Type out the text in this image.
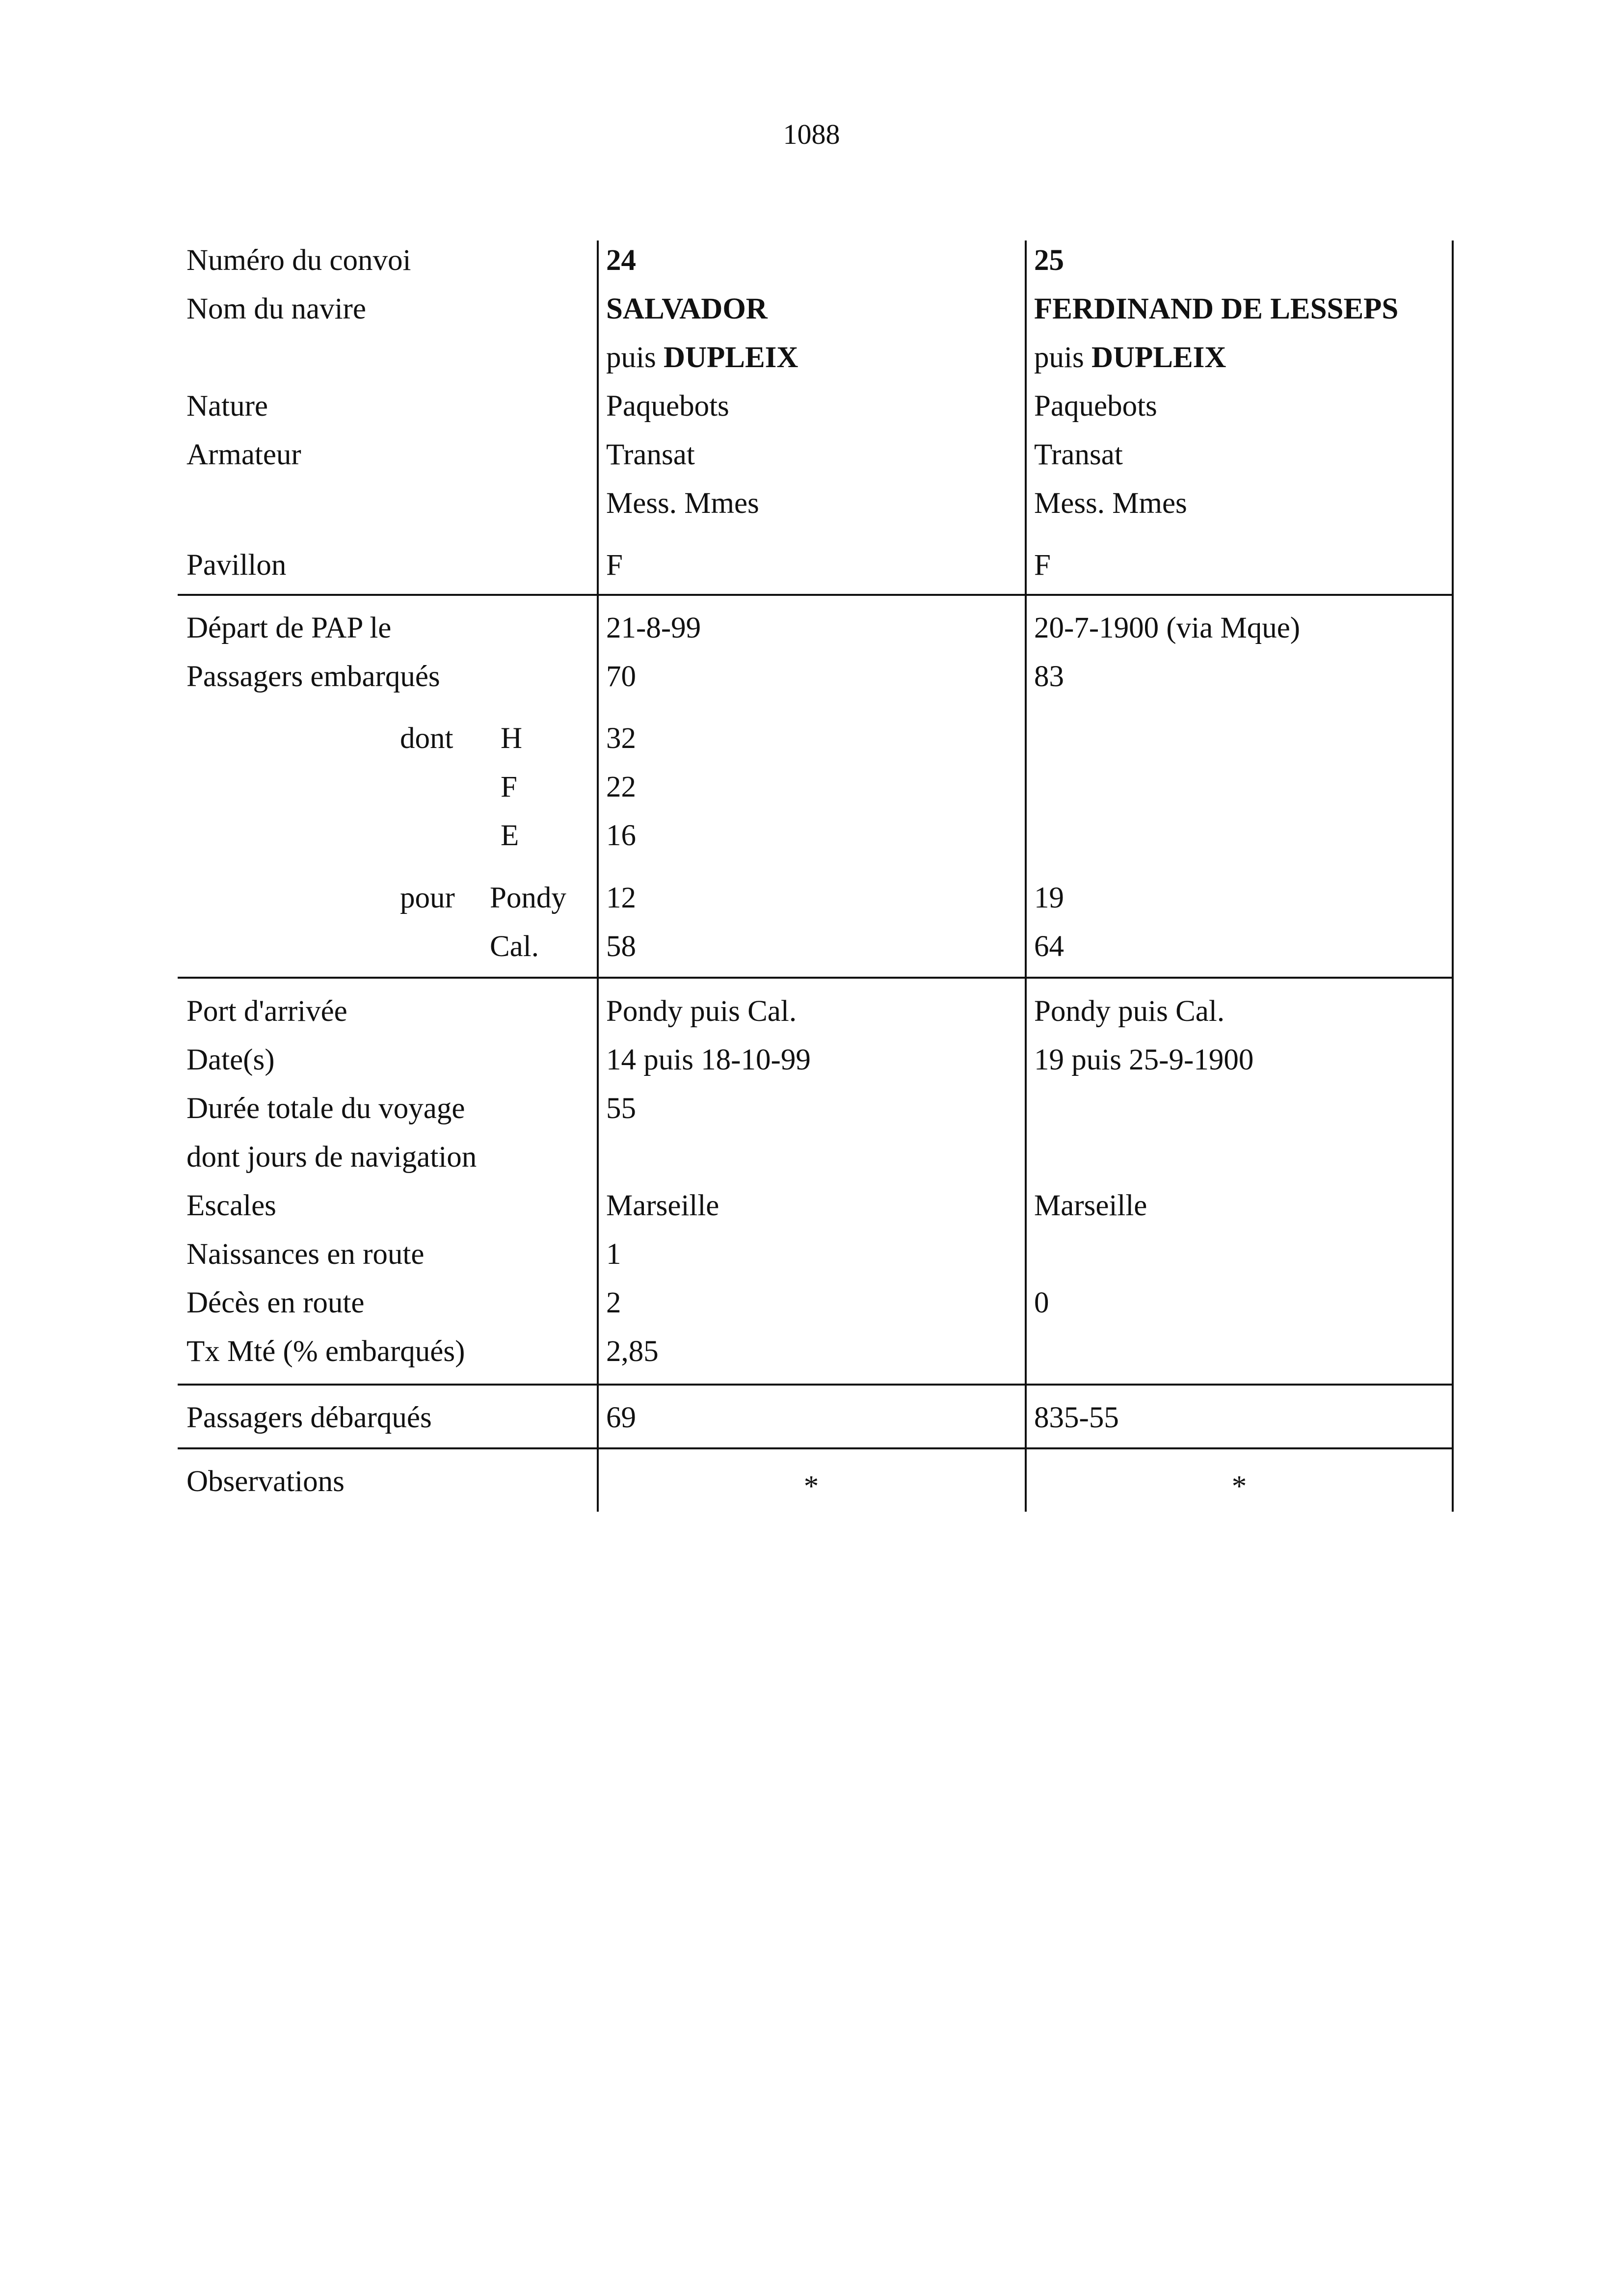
1088
Numéro du convoi
Nom du navire
Nature
Armateur
Pavillon
Départ de PAP le
Passagers embarqués
dont H
F
E
pour Pondy
Cal.
Port d'arrivée
Date(s)
Durée totale du voyage
dont jours de navigation
Escales
Naissances en route
Décès en route
Tx Mté (% embarqués)
Passagers débarqués
Observations
24
SALVADOR
puis DUPLEIX
Paquebots
Transat
Mess. Mmes
F
21-8-99
70
32
22
16
12
58
Pondy puis Cal.
14 puis 18-10-99
55
Marseille
1
2
2,85
69
*
25
FERDINAND DE LESSEPS
puis DUPLEIX
Paquebots
Transat
Mess. Mmes
F
20-7-1900 (via Mque)
83
19
64
Pondy puis Cal.
19 puis 25-9-1900
Marseille
0
835-55
*
